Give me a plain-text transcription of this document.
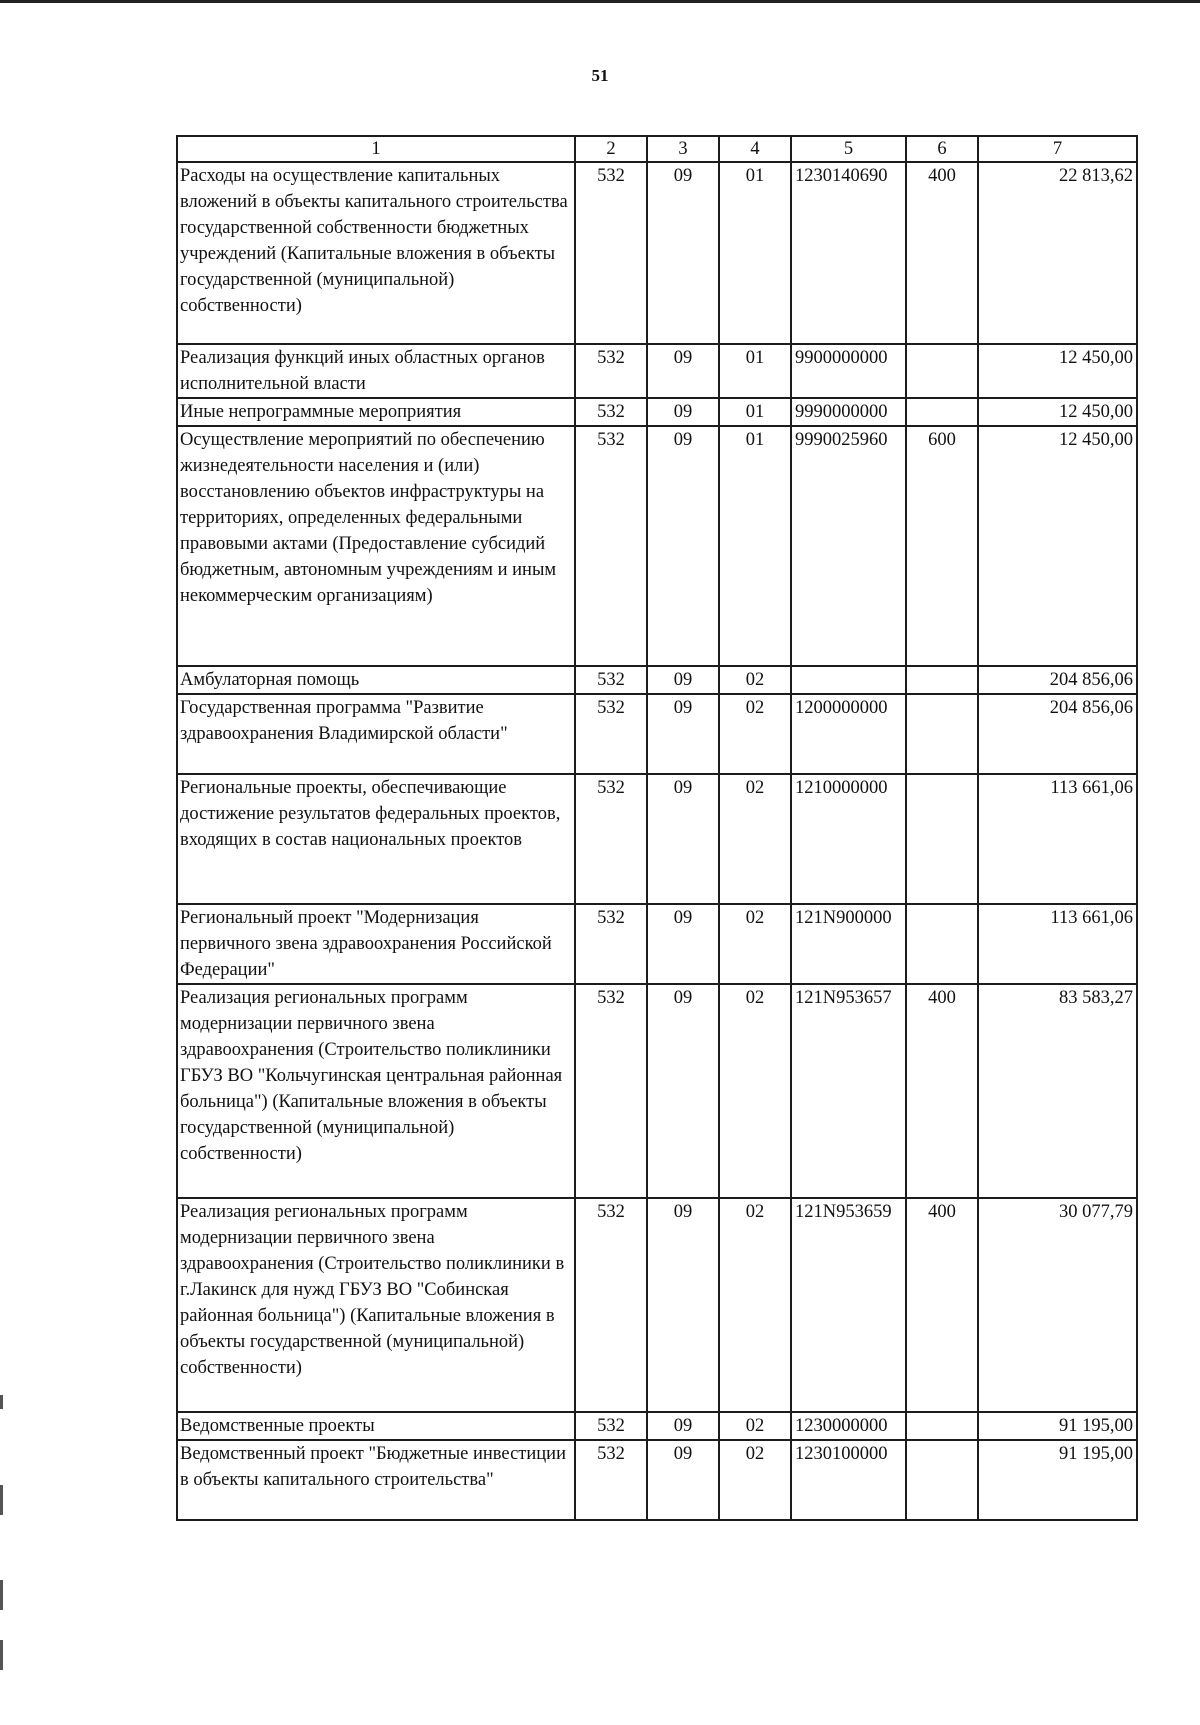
51
1	2	3	4	5	6	7
Расходы на осуществление капитальных вложений в объекты капитального строительства государственной собственности бюджетных учреждений (Капитальные вложения в объекты государственной (муниципальной) собственности)	532	09	01	1230140690	400	22 813,62
Реализация функций иных областных органов исполнительной власти	532	09	01	9900000000		12 450,00
Иные непрограммные мероприятия	532	09	01	9990000000		12 450,00
Осуществление мероприятий по обеспечению жизнедеятельности населения и (или) восстановлению объектов инфраструктуры на территориях, определенных федеральными правовыми актами (Предоставление субсидий бюджетным, автономным учреждениям и иным некоммерческим организациям)	532	09	01	9990025960	600	12 450,00
Амбулаторная помощь	532	09	02			204 856,06
Государственная программа "Развитие здравоохранения Владимирской области"	532	09	02	1200000000		204 856,06
Региональные проекты, обеспечивающие достижение результатов федеральных проектов, входящих в состав национальных проектов	532	09	02	1210000000		113 661,06
Региональный проект "Модернизация первичного звена здравоохранения Российской Федерации"	532	09	02	121N900000		113 661,06
Реализация региональных программ модернизации первичного звена здравоохранения (Строительство поликлиники ГБУЗ ВО "Кольчугинская центральная районная больница") (Капитальные вложения в объекты государственной (муниципальной) собственности)	532	09	02	121N953657	400	83 583,27
Реализация региональных программ модернизации первичного звена здравоохранения (Строительство поликлиники в г.Лакинск для нужд ГБУЗ ВО "Собинская районная больница") (Капитальные вложения в объекты государственной (муниципальной) собственности)	532	09	02	121N953659	400	30 077,79
Ведомственные проекты	532	09	02	1230000000		91 195,00
Ведомственный проект "Бюджетные инвестиции в объекты капитального строительства"	532	09	02	1230100000		91 195,00
